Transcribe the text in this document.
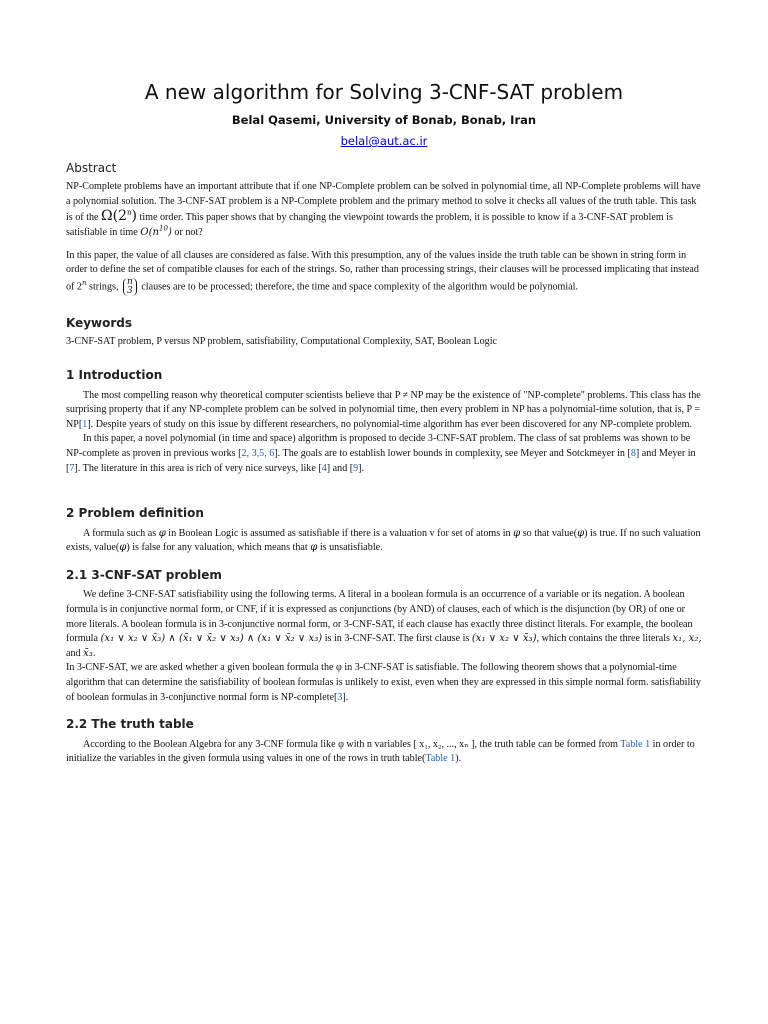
A new algorithm for Solving 3-CNF-SAT problem
Belal Qasemi, University of Bonab, Bonab, Iran
belal@aut.ac.ir
Abstract

NP-Complete problems have an important attribute that if one NP-Complete problem can be solved in polynomial time, all NP-Complete problems will have a polynomial solution. The 3-CNF-SAT problem is a NP-Complete problem and the primary method to solve it checks all values of the truth table. This task is of the Ω(2$^n$) time order. This paper shows that by changing the viewpoint towards the problem, it is possible to know if a 3-CNF-SAT problem is satisfiable in time $O(n^{10})$ or not?

In this paper, the value of all clauses are considered as false. With this presumption, any of the values inside the truth table can be shown in string form in order to define the set of compatible clauses for each of the strings. So, rather than processing strings, their clauses will be processed implicating that instead of 2$^n$ strings, n
3 clauses are to be processed; therefore, the time and space complexity of the algorithm would be polynomial.

Keywords

3-CNF-SAT problem, P versus NP problem, satisfiability, Computational Complexity, SAT, Boolean Logic

1 Introduction

The most compelling reason why theoretical computer scientists believe that P ≠ NP may be the existence of "NP-complete" problems. This class has the surprising property that if any NP-complete problem can be solved in polynomial time, then every problem in NP has a polynomial-time solution, that is, P = NP[1]. Despite years of study on this issue by different researchers, no polynomial-time algorithm has ever been discovered for any NP-complete problem.

In this paper, a novel polynomial (in time and space) algorithm is proposed to decide 3-CNF-SAT problem. The class of sat problems was shown to be NP-complete as proven in previous works [2, 3,5, 6]. The goals are to establish lower bounds in complexity, see Meyer and Sotckmeyer in [8] and Meyer in [7]. The literature in this area is rich of very nice surveys, like [4] and [9].

2 Problem definition

A formula such as φ in Boolean Logic is assumed as satisfiable if there is a valuation v for set of atoms in φ so that value(φ) is true. If no such valuation exists, value(φ) is false for any valuation, which means that φ is unsatisfiable.

2.1 3-CNF-SAT problem

We define 3-CNF-SAT satisfiability using the following terms. A literal in a boolean formula is an occurrence of a variable or its negation. A boolean formula is in conjunctive normal form, or CNF, if it is expressed as conjunctions (by AND) of clauses, each of which is the disjunction (by OR) of one or more literals. A boolean formula is in 3-conjunctive normal form, or 3-CNF-SAT, if each clause has exactly three distinct literals. For example, the boolean formula (x₁ ∨ x₂ ∨ x̄₃) ∧ (x̄₁ ∨ x̄₂ ∨ x₃) ∧ (x₁ ∨ x̄₂ ∨ x₃) is in 3-CNF-SAT. The first clause is (x₁ ∨ x₂ ∨ x̄₃), which contains the three literals x₁, x₂, and x̄₃.

In 3-CNF-SAT, we are asked whether a given boolean formula the φ in 3-CNF-SAT is satisfiable. The following theorem shows that a polynomial-time algorithm that can determine the satisfiability of boolean formulas is unlikely to exist, even when they are expressed in this simple normal form. satisfiability of boolean formulas in 3-conjunctive normal form is NP-complete[3].

2.2 The truth table

According to the Boolean Algebra for any 3-CNF formula like φ with n variables [ x₁, x₂, ..., xₙ ], the truth table can be formed from Table 1 in order to initialize the variables in the given formula using values in one of the rows in truth table(Table 1).
